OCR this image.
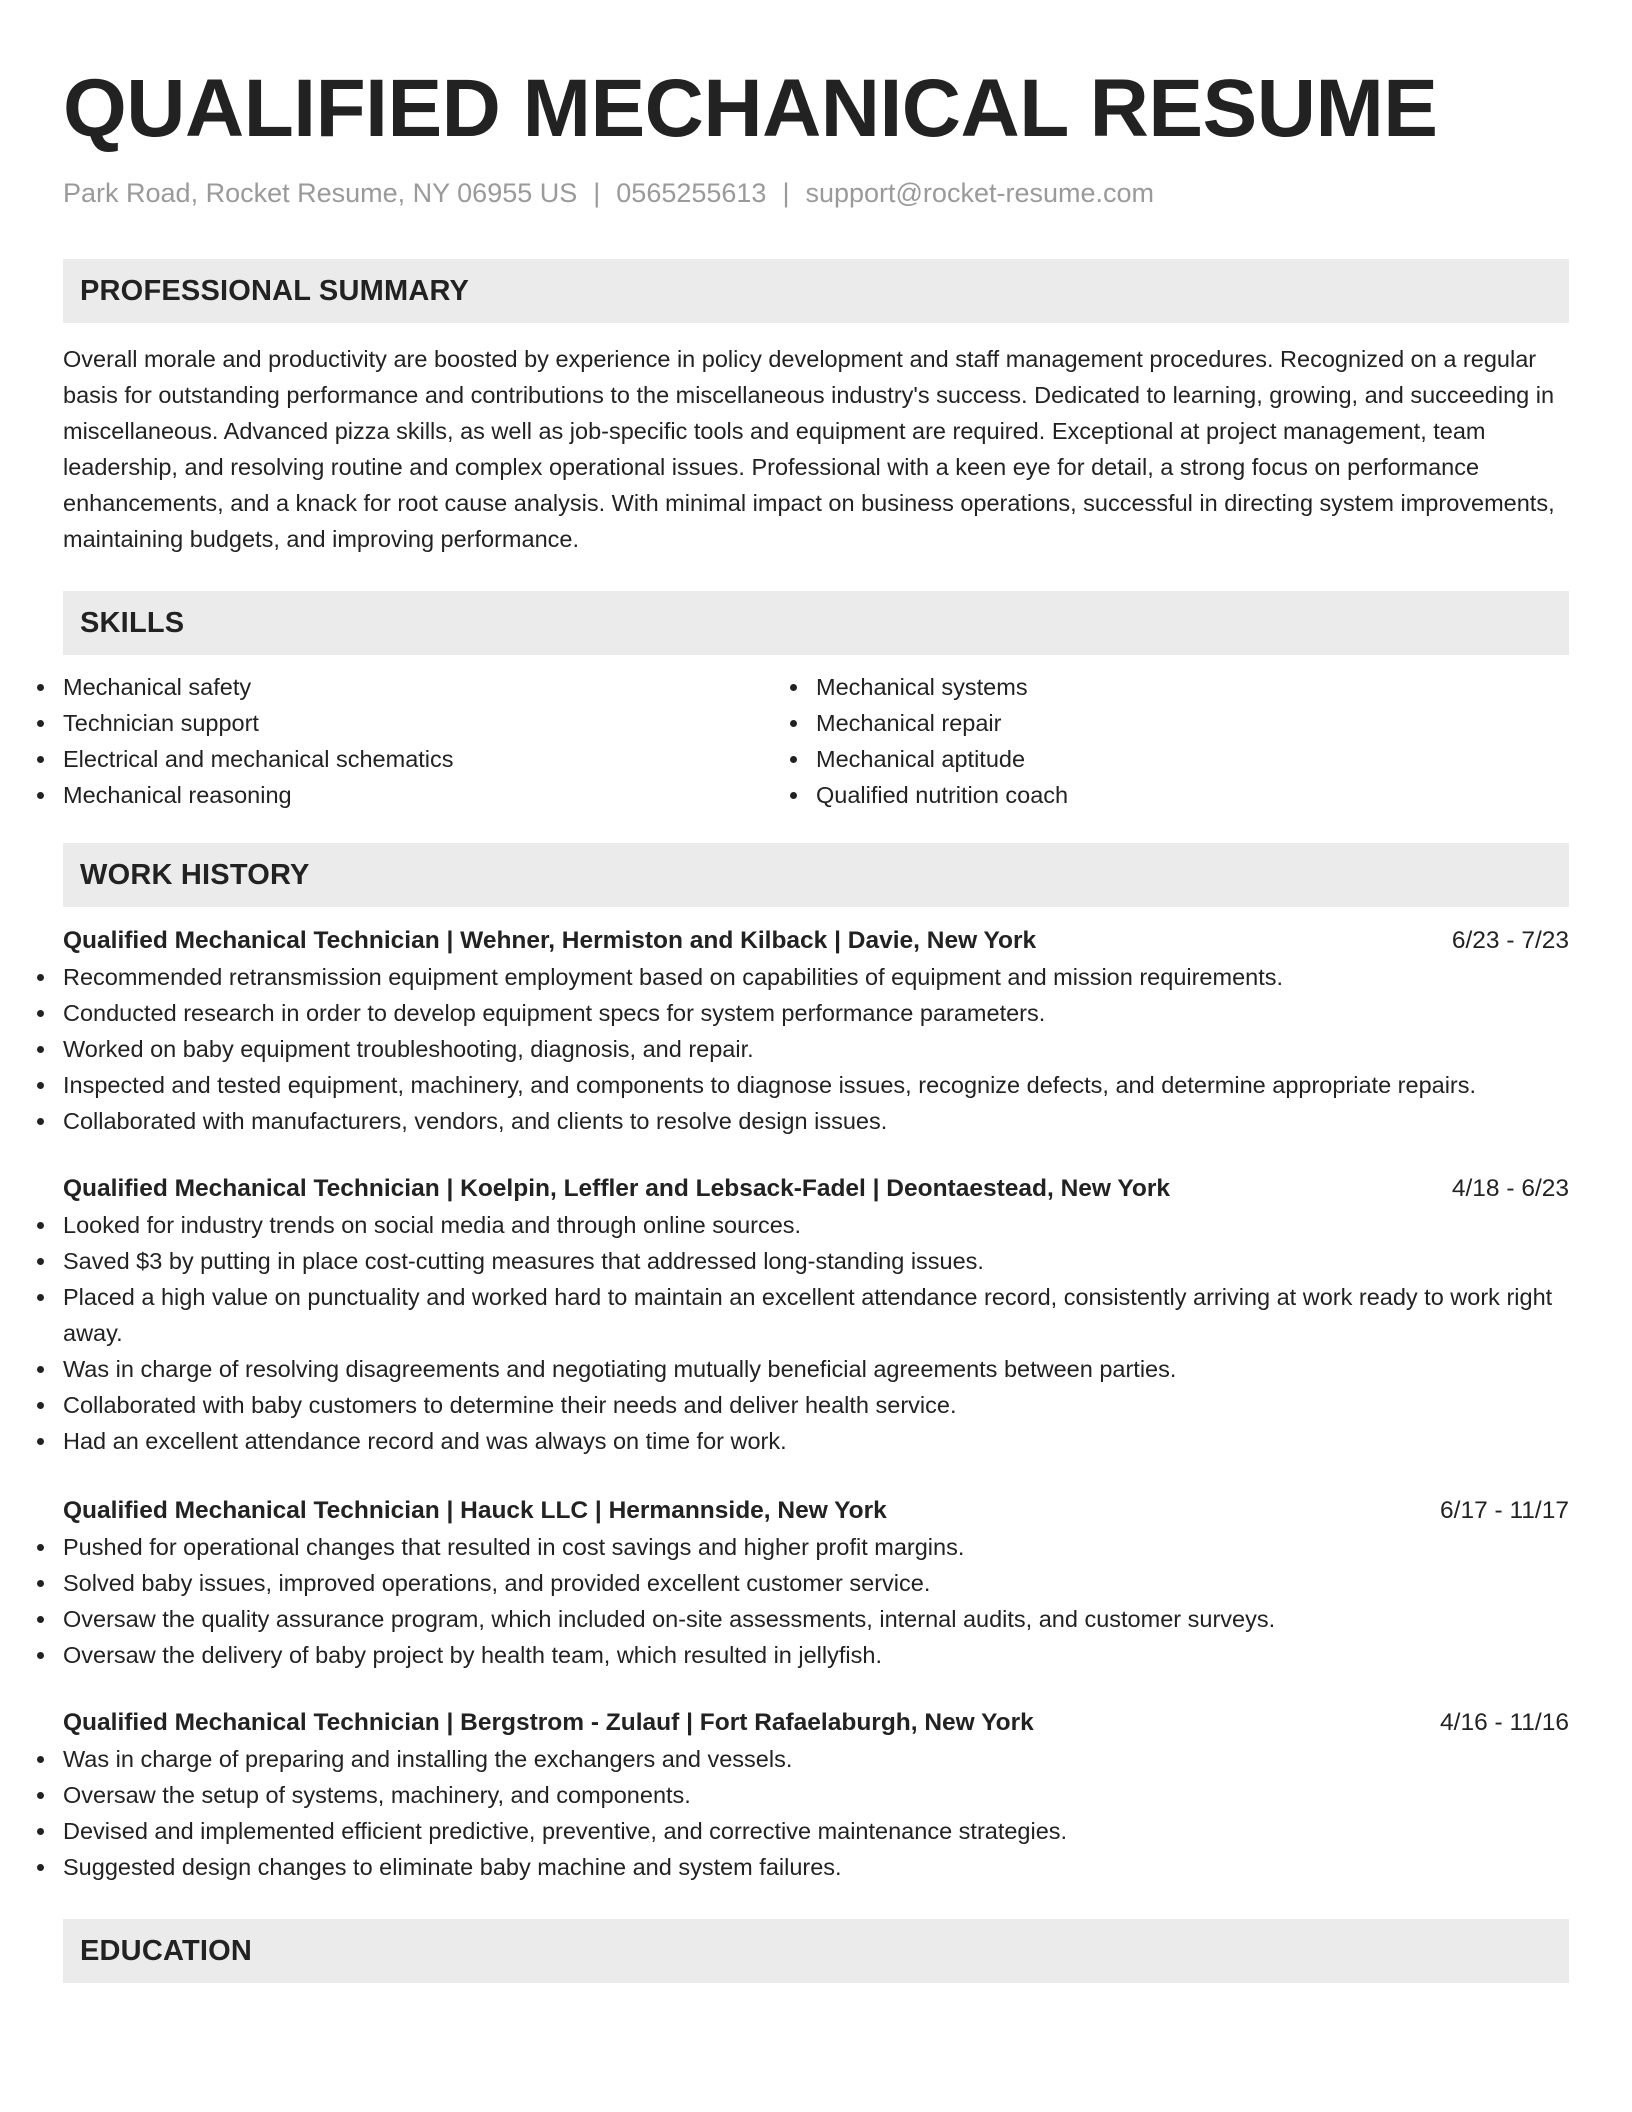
QUALIFIED MECHANICAL RESUME
Park Road, Rocket Resume, NY 06955 US | 0565255613 | support@rocket-resume.com
PROFESSIONAL SUMMARY

Overall morale and productivity are boosted by experience in policy development and staff management procedures. Recognized on a regular basis for outstanding performance and contributions to the miscellaneous industry's success. Dedicated to learning, growing, and succeeding in miscellaneous. Advanced pizza skills, as well as job-specific tools and equipment are required. Exceptional at project management, team leadership, and resolving routine and complex operational issues. Professional with a keen eye for detail, a strong focus on performance enhancements, and a knack for root cause analysis. With minimal impact on business operations, successful in directing system improvements, maintaining budgets, and improving performance.

SKILLS
Mechanical safety
Technician support
Electrical and mechanical schematics
Mechanical reasoning
Mechanical systems
Mechanical repair
Mechanical aptitude
Qualified nutrition coach
WORK HISTORY
Qualified Mechanical Technician | Wehner, Hermiston and Kilback | Davie, New York	6/23 - 7/23
Recommended retransmission equipment employment based on capabilities of equipment and mission requirements.
Conducted research in order to develop equipment specs for system performance parameters.
Worked on baby equipment troubleshooting, diagnosis, and repair.
Inspected and tested equipment, machinery, and components to diagnose issues, recognize defects, and determine appropriate repairs.
Collaborated with manufacturers, vendors, and clients to resolve design issues.
Qualified Mechanical Technician | Koelpin, Leffler and Lebsack-Fadel | Deontaestead, New York	4/18 - 6/23
Looked for industry trends on social media and through online sources.
Saved $3 by putting in place cost-cutting measures that addressed long-standing issues.
Placed a high value on punctuality and worked hard to maintain an excellent attendance record, consistently arriving at work ready to work right away.
Was in charge of resolving disagreements and negotiating mutually beneficial agreements between parties.
Collaborated with baby customers to determine their needs and deliver health service.
Had an excellent attendance record and was always on time for work.
Qualified Mechanical Technician | Hauck LLC | Hermannside, New York	6/17 - 11/17
Pushed for operational changes that resulted in cost savings and higher profit margins.
Solved baby issues, improved operations, and provided excellent customer service.
Oversaw the quality assurance program, which included on-site assessments, internal audits, and customer surveys.
Oversaw the delivery of baby project by health team, which resulted in jellyfish.
Qualified Mechanical Technician | Bergstrom - Zulauf | Fort Rafaelaburgh, New York	4/16 - 11/16
Was in charge of preparing and installing the exchangers and vessels.
Oversaw the setup of systems, machinery, and components.
Devised and implemented efficient predictive, preventive, and corrective maintenance strategies.
Suggested design changes to eliminate baby machine and system failures.
EDUCATION
